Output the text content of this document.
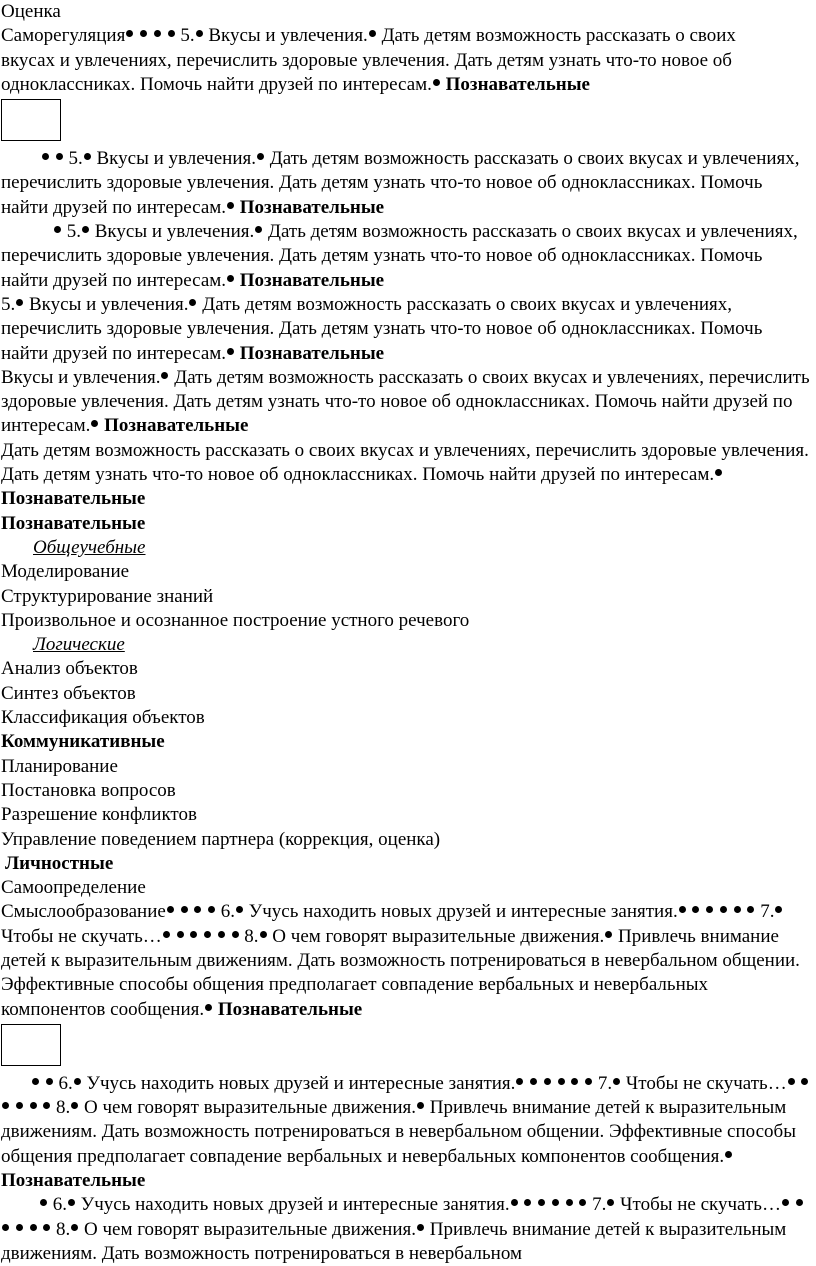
Оценка

Саморегуляция	5. Вкусы и увлечения. Дать детям возможность рассказать о своих вкусах и увлечениях, перечислить здоровые увлечения. Дать детям узнать что-то новое об одноклассниках. Помочь найти друзей по интересам. Познавательные

5. Вкусы и увлечения. Дать детям возможность рассказать о своих вкусах и увлечениях, перечислить здоровые увлечения. Дать детям узнать что-то новое об одноклассниках. Помочь найти друзей по интересам. Познавательные

5. Вкусы и увлечения. Дать детям возможность рассказать о своих вкусах и увлечениях, перечислить здоровые увлечения. Дать детям узнать что-то новое об одноклассниках. Помочь найти друзей по интересам. Познавательные

5. Вкусы и увлечения. Дать детям возможность рассказать о своих вкусах и увлечениях, перечислить здоровые увлечения. Дать детям узнать что-то новое об одноклассниках. Помочь найти друзей по интересам. Познавательные

Вкусы и увлечения. Дать детям возможность рассказать о своих вкусах и увлечениях, перечислить здоровые увлечения. Дать детям узнать что-то новое об одноклассниках. Помочь найти друзей по интересам. Познавательные

Дать детям возможность рассказать о своих вкусах и увлечениях, перечислить здоровые увлечения. Дать детям узнать что-то новое об одноклассниках. Помочь найти друзей по интересам. Познавательные

Познавательные

Общеучебные

Моделирование

Структурирование знаний

Произвольное и осознанное построение устного речевого

Логические

Анализ объектов

Синтез объектов

Классификация объектов

Коммуникативные

Планирование

Постановка вопросов

Разрешение конфликтов

Управление поведением партнера (коррекция, оценка)

Личностные

Самоопределение

Смыслообразование	6. Учусь находить новых друзей и интересные занятия.	7. Чтобы не скучать…	8. О чем говорят выразительные движения. Привлечь внимание детей к выразительным движениям. Дать возможность потренироваться в невербальном общении. Эффективные способы общения предполагает совпадение вербальных и невербальных компонентов сообщения. Познавательные

6. Учусь находить новых друзей и интересные занятия.	7. Чтобы не скучать…      8. О чем говорят выразительные движения. Привлечь внимание детей к выразительным движениям. Дать возможность потренироваться в невербальном общении. Эффективные способы общения предполагает совпадение вербальных и невербальных компонентов сообщения. Познавательные

6. Учусь находить новых друзей и интересные занятия.	7. Чтобы не скучать…      8. О чем говорят выразительные движения. Привлечь внимание детей к выразительным движениям. Дать возможность потренироваться в невербальном
